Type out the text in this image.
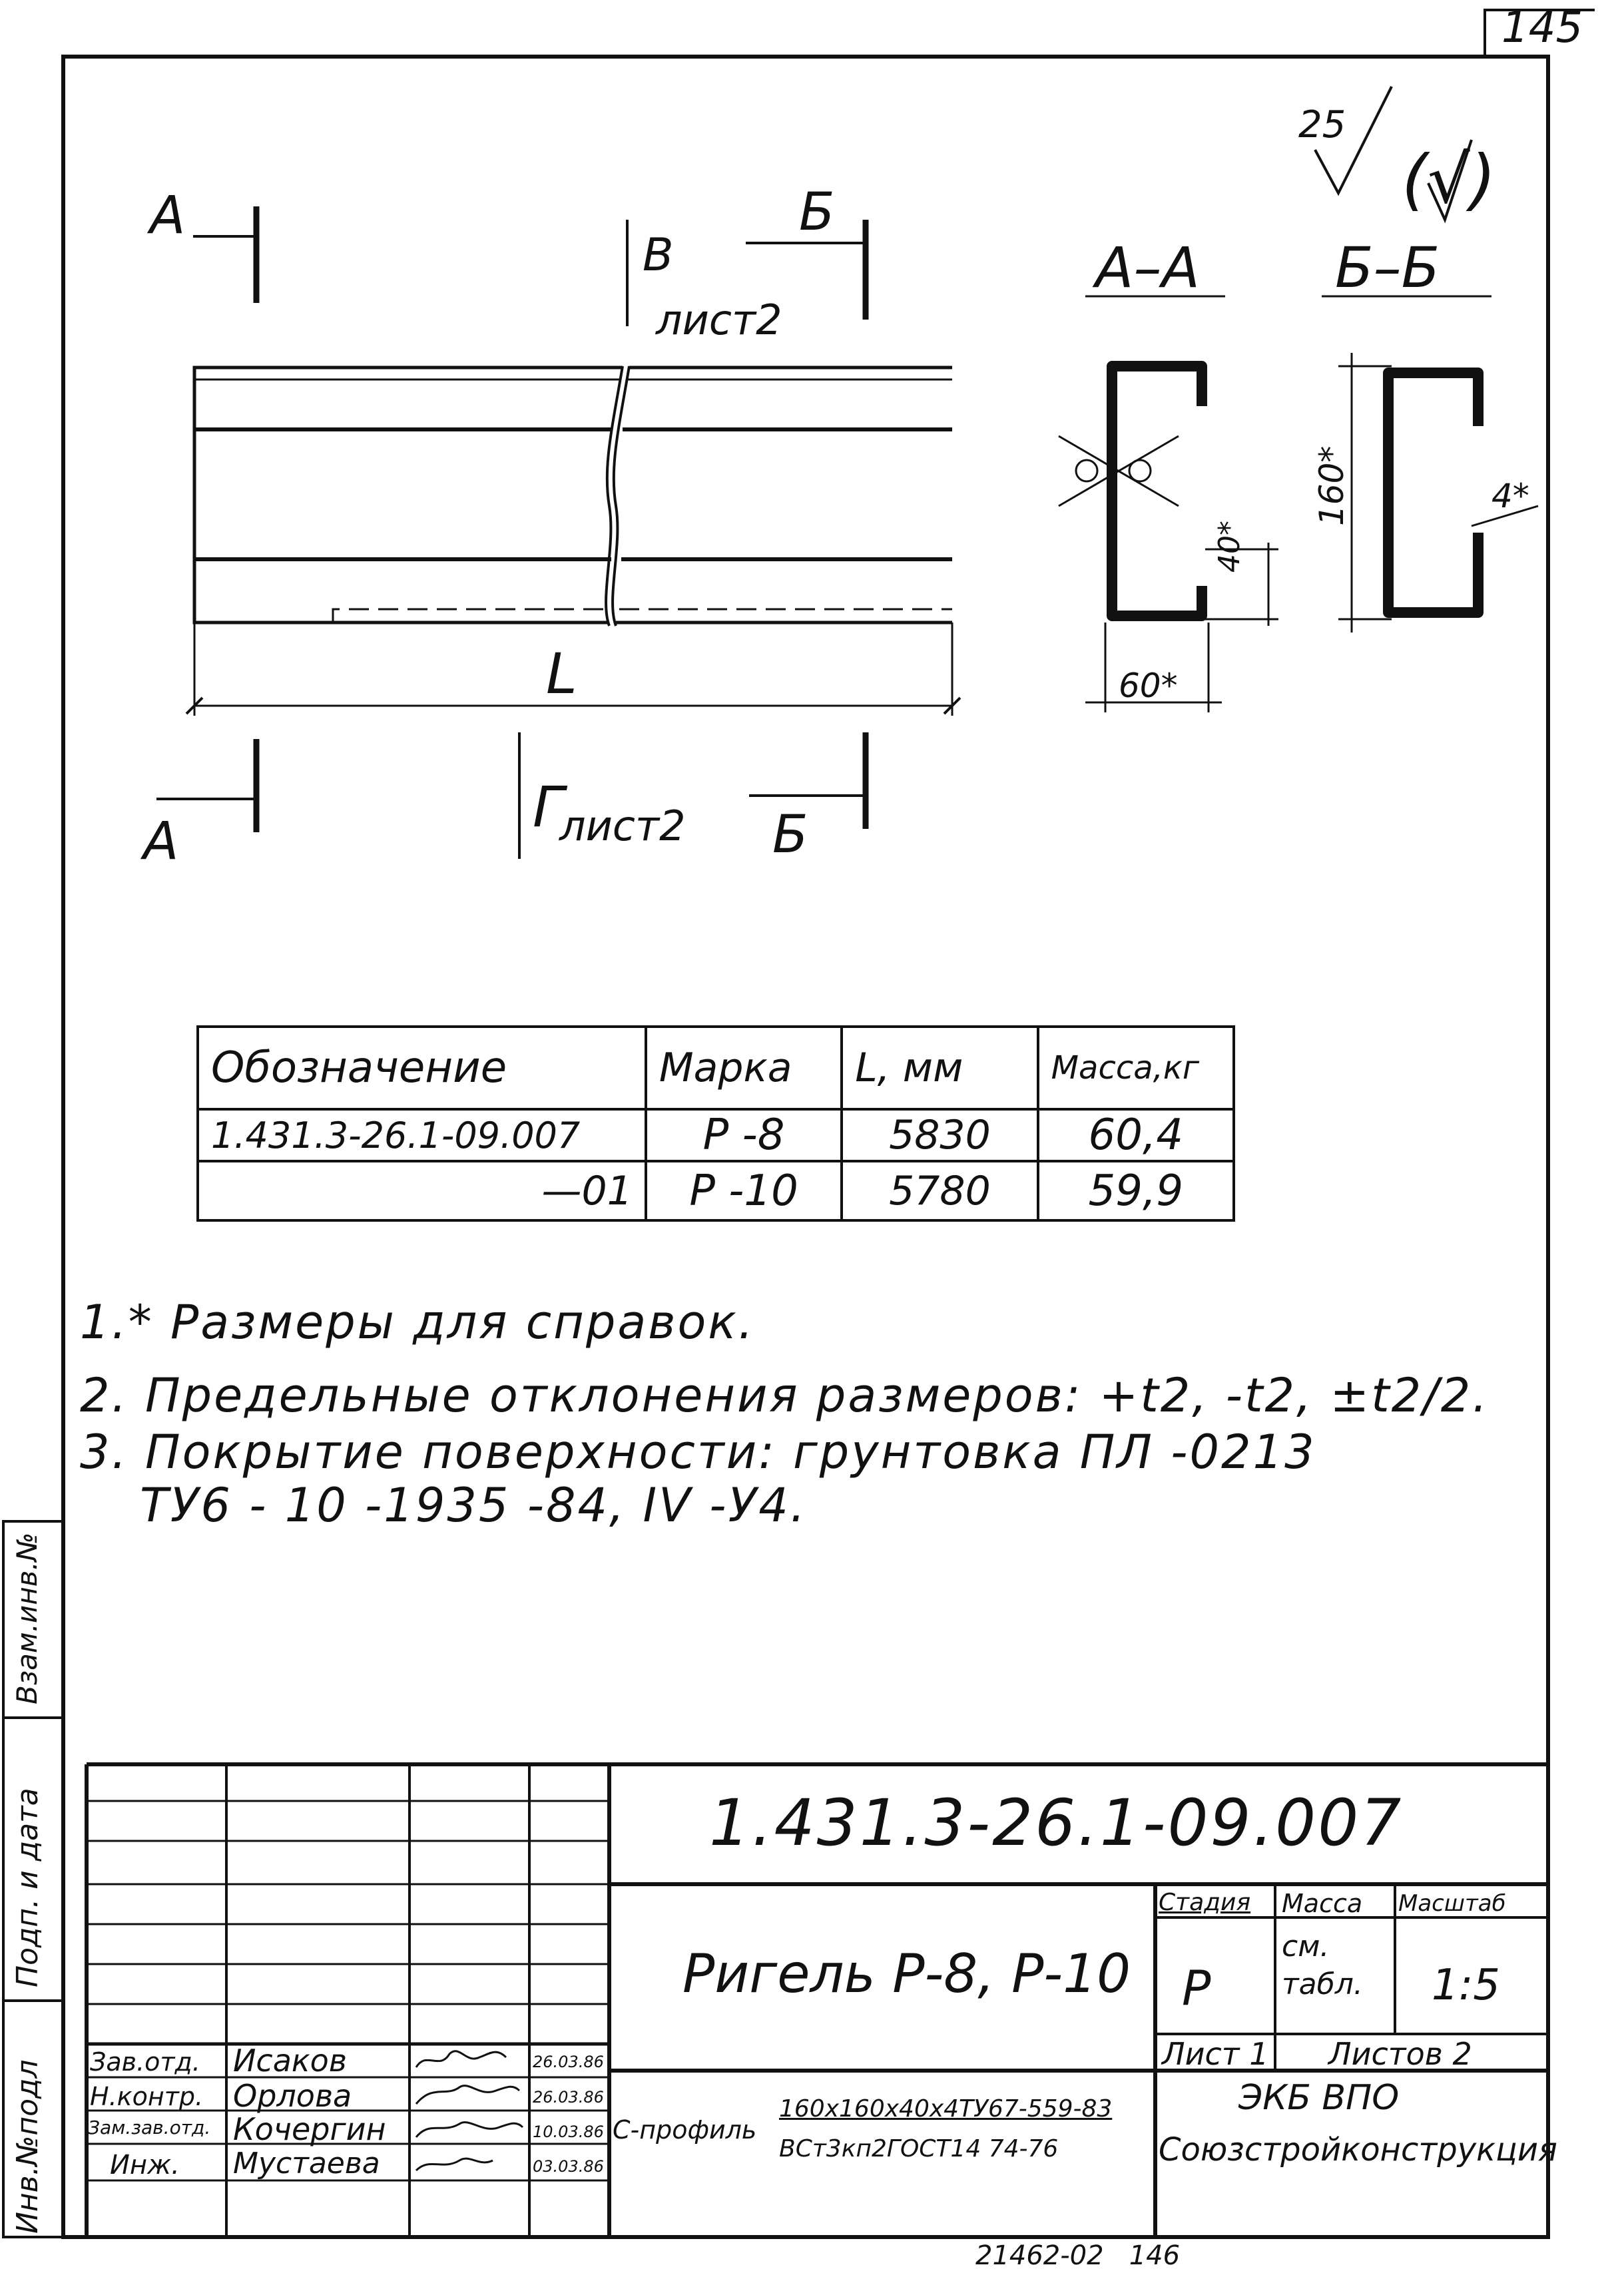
145
25
(√)
А	Б
В
лист2
L
А
Г
лист2 Б
А–А Б–Б
40*
60*
160*	4*
Обозначение	Марка	L, мм	Масса,кг
1.431.3-26.1-09.007	Р -8	5830	60,4
—01	Р -10	5780	59,9
1.* Размеры для справок.
2. Предельные отклонения размеров: +t2, -t2, ±t2/2.
3. Покрытие поверхности: грунтовка ПЛ -0213
ТУ6 - 10 -1935 -84, IV -У4.
Взам.инв.№
Подп. и дата
Инв.№подл
1.431.3-26.1-09.007
Ригель Р-8, Р-10
Стадия Масса Масштаб
Р
см. табл.	1:5
Лист 1 Листов 2
ЭКБ ВПО
Союзстройконструкция
С-профиль
160х160х40х4ТУ67-559-83
ВСт3кп2ГОСТ14 74-76
Зав.отд. Исаков	26.03.86
Н.контр. Орлова	26.03.86
Зам.зав.отд. Кочергин	10.03.86
Инж. Мустаева	03.03.86
21462-02   146
